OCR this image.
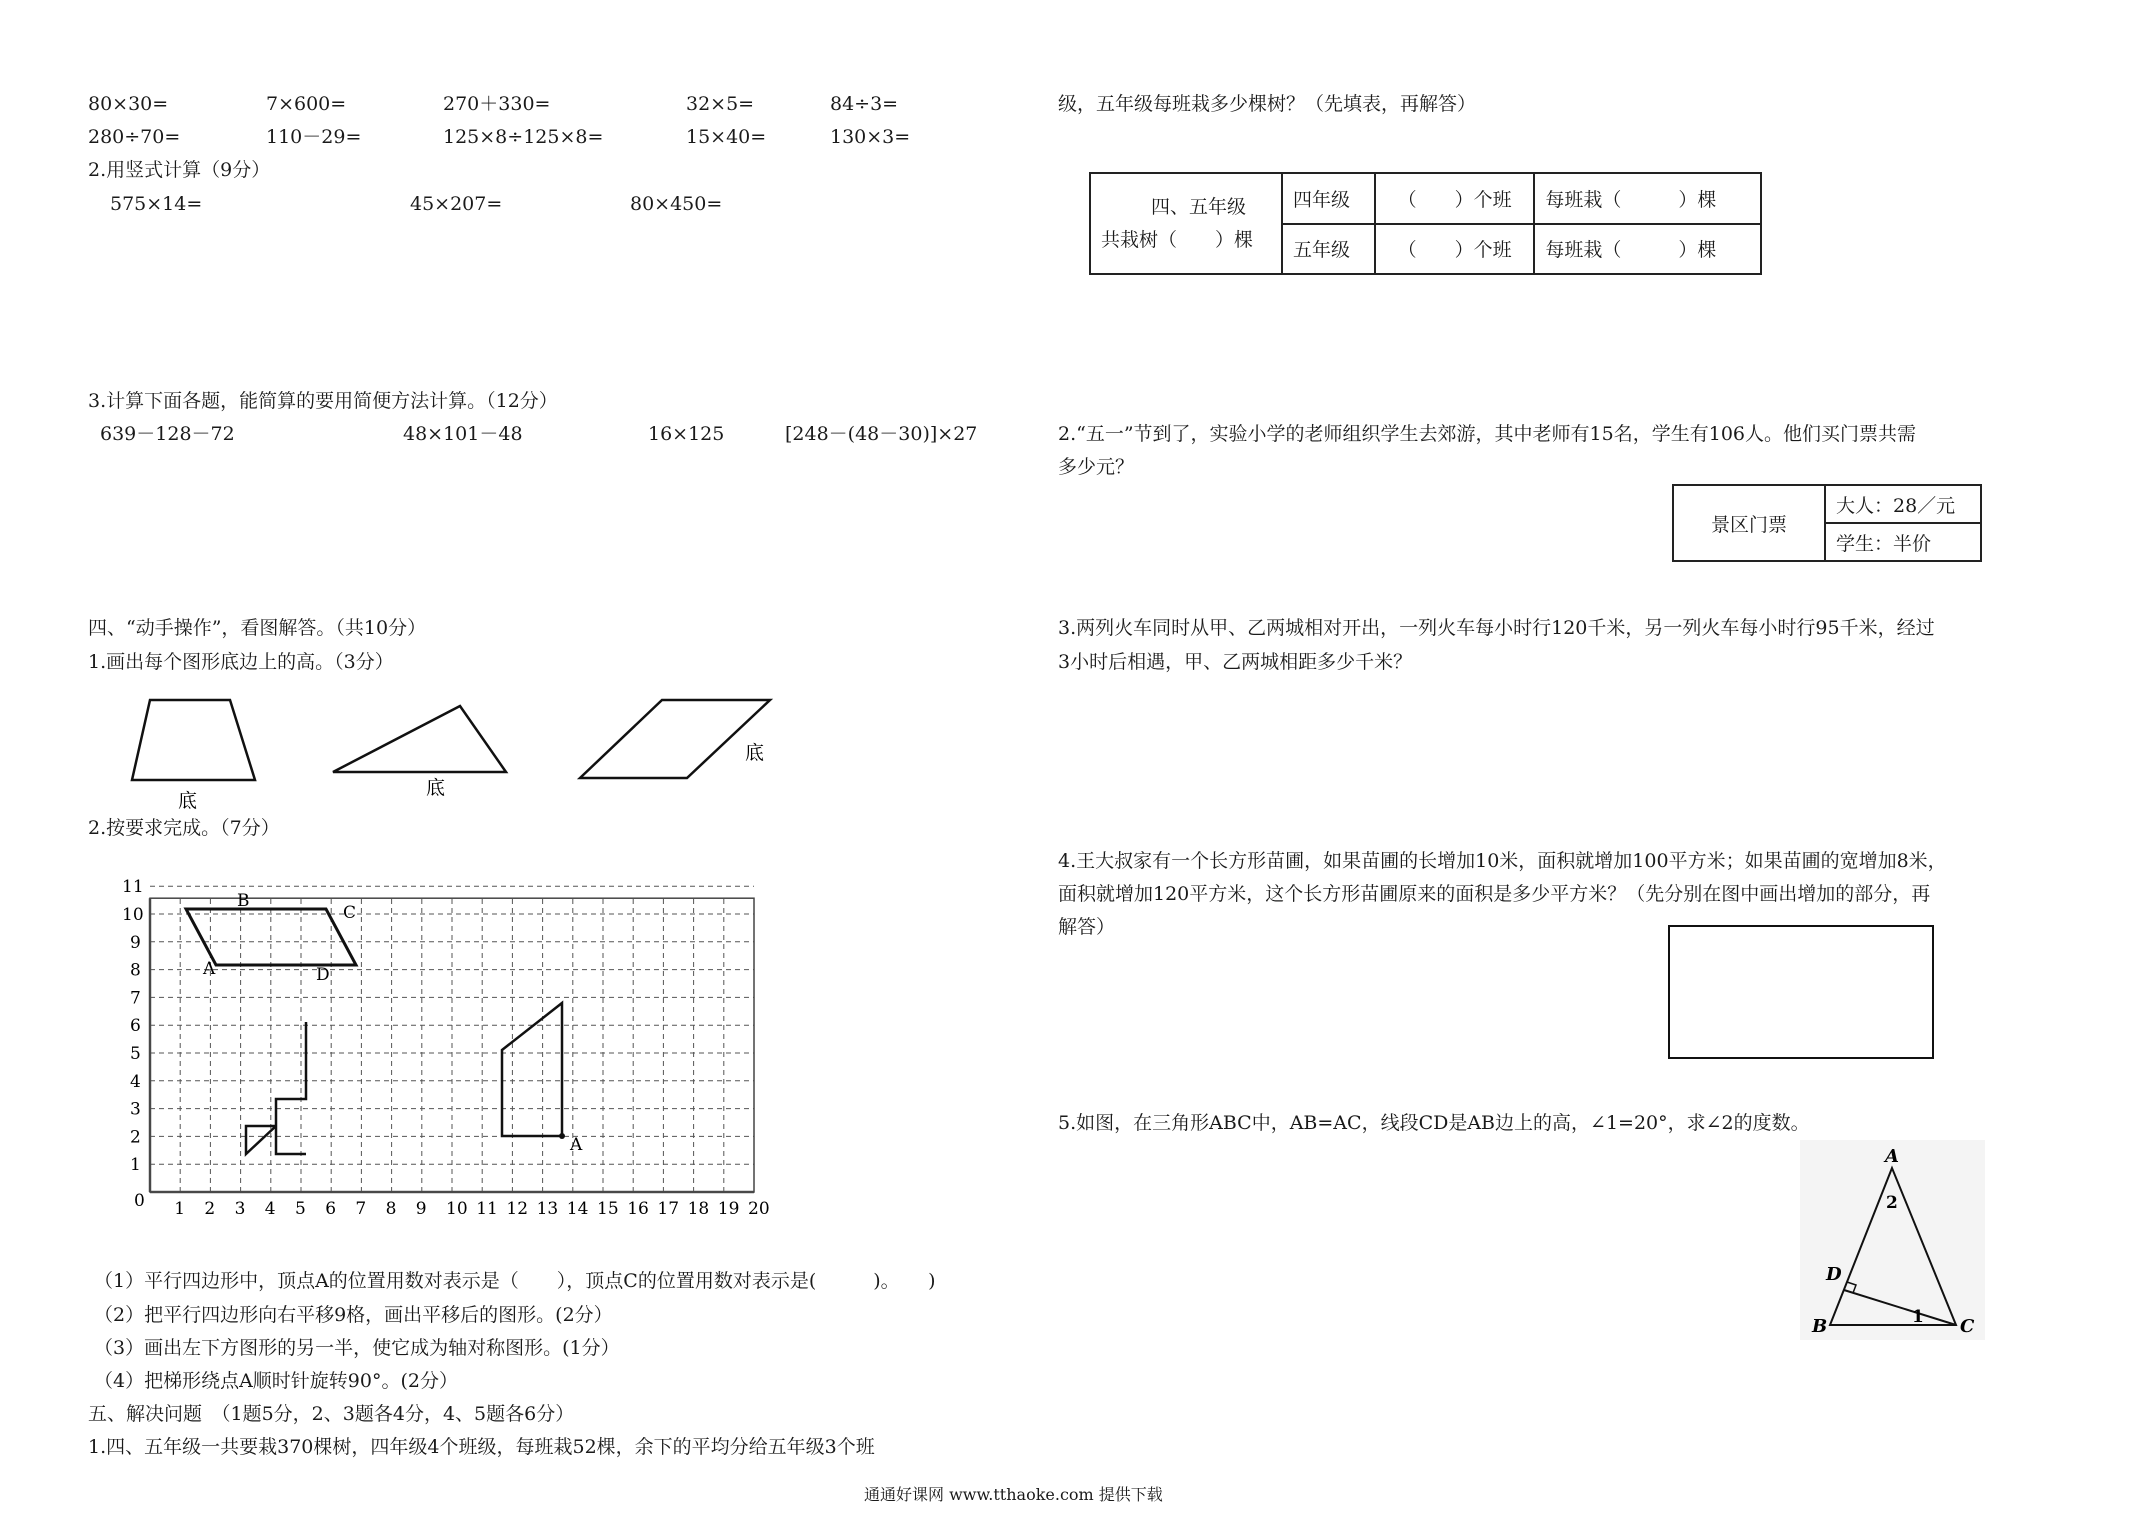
80×30=	7×600=	270＋330=	32×5=	84÷3=
280÷70=	110－29=	125×8÷125×8=	15×40=	130×3=
2.用竖式计算（9分）
575×14=	45×207=	80×450=
3.计算下面各题，能简算的要用简便方法计算。（12分）
639－128－72	48×101－48	16×125	[248－(48－30)]×27
四、“动手操作”，看图解答。（共10分）
1.画出每个图形底边上的高。（3分）
底
底
底
2.按要求完成。（7分）
1 2 3 4 5 6 7 8 9 10 11 12 13 14 15 16 17 18 19 20
1
2
3
4
5
6
7
8
9
10
11
0
A
B
C
D
A
（1）平行四边形中，顶点A的位置用数对表示是（　　），顶点C的位置用数对表示是(　　　)。　　)
（2）把平行四边形向右平移9格，画出平移后的图形。(2分）
（3）画出左下方图形的另一半，使它成为轴对称图形。(1分）
（4）把梯形绕点A顺时针旋转90°。(2分）
五、解决问题　（1题5分，2、3题各4分，4、5题各6分）
1.四、五年级一共要栽370棵树，四年级4个班级，每班栽52棵，余下的平均分给五年级3个班
级，五年级每班栽多少棵树？（先填表，再解答）
四、五年级
共栽树（　　）棵	四年级	（　　）个班	每班栽（　　　）棵
	五年级	（　　）个班	每班栽（　　　）棵
2.“五一”节到了，实验小学的老师组织学生去郊游，其中老师有15名，学生有106人。他们买门票共需
多少元？
景区门票	大人：28／元
学生：半价
3.两列火车同时从甲、乙两城相对开出，一列火车每小时行120千米，另一列火车每小时行95千米，经过
3小时后相遇，甲、乙两城相距多少千米？
4.王大叔家有一个长方形苗圃，如果苗圃的长增加10米，面积就增加100平方米；如果苗圃的宽增加8米，
面积就增加120平方米，这个长方形苗圃原来的面积是多少平方米？（先分别在图中画出增加的部分，再
解答）
5.如图，在三角形ABC中，AB=AC，线段CD是AB边上的高，∠1=20°，求∠2的度数。
A
B	C
D
2
1
通通好课网 www.tthaoke.com 提供下载
